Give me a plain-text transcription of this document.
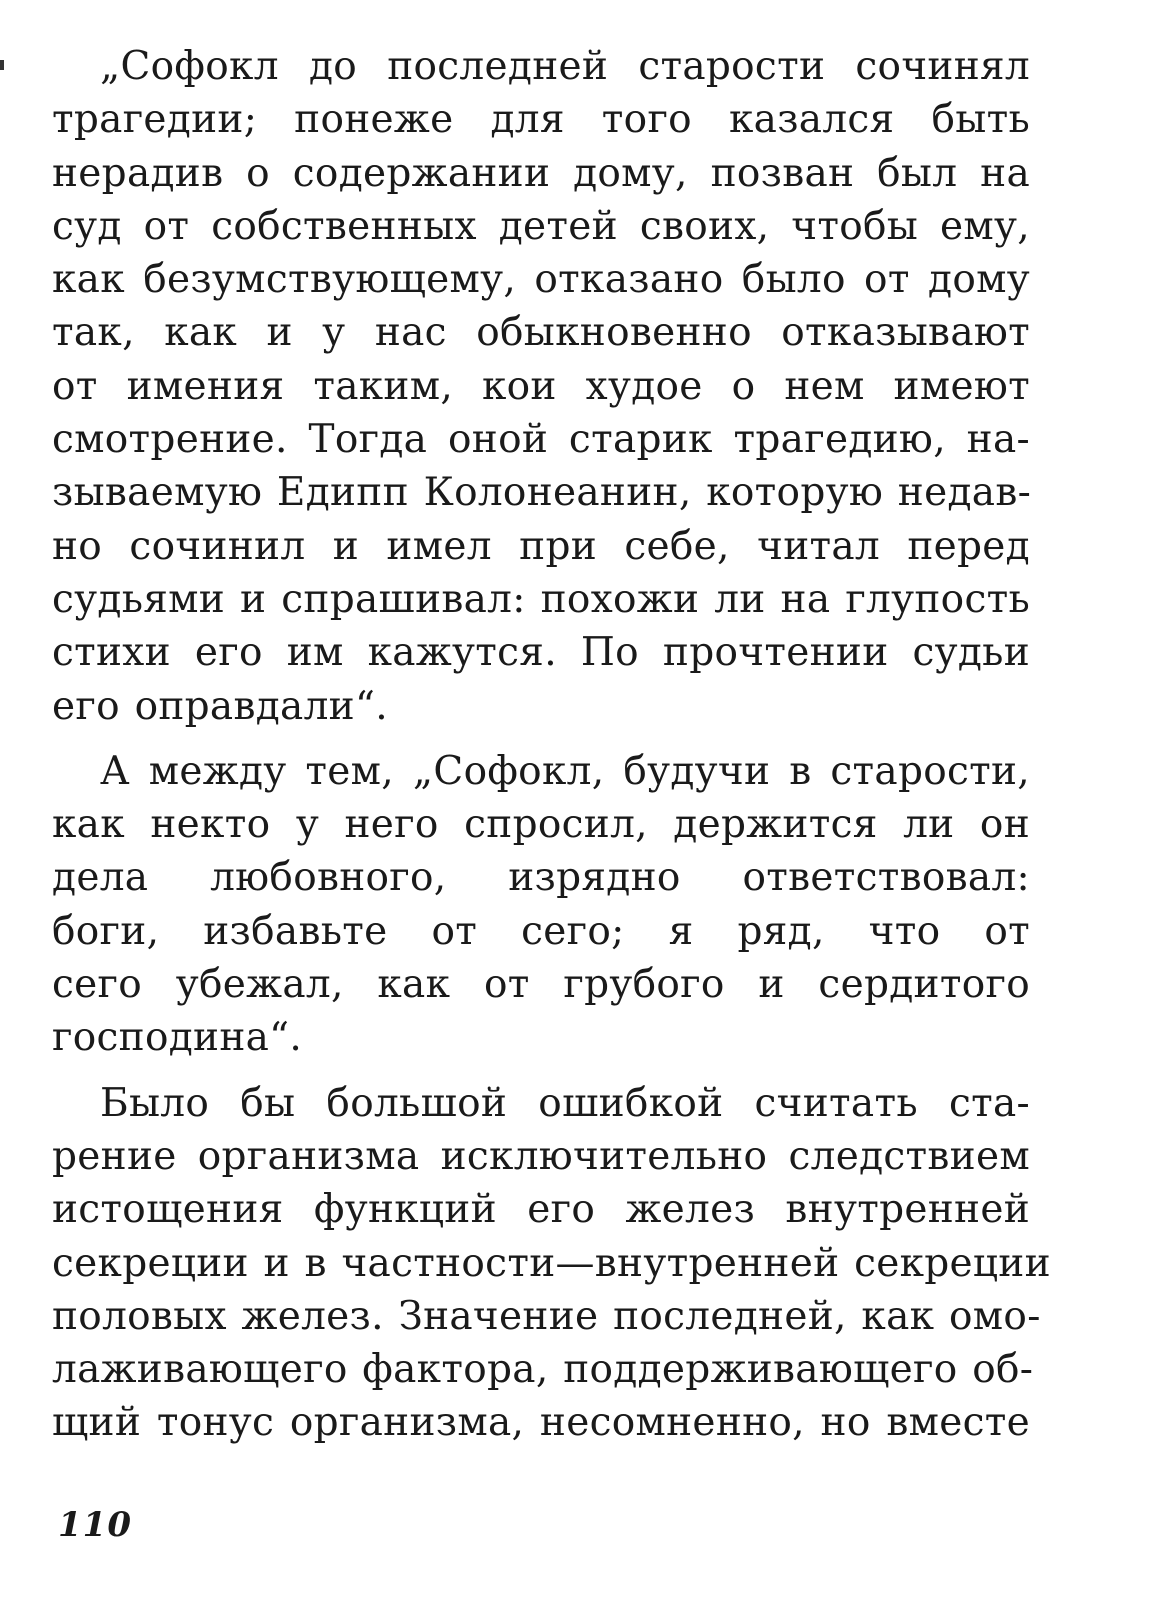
„Софокл до последней старости сочинял
трагедии; понеже для того казался быть
нерадив о содержании дому, позван был на
суд от собственных детей своих, чтобы ему,
как безумствующему, отказано было от дому
так, как и у нас обыкновенно отказывают
от имения таким, кои худое о нем имеют
смотрение. Тогда оной старик трагедию, на-
зываемую Едипп Колонеанин, которую недав-
но сочинил и имел при себе, читал перед
судьями и спрашивал: похожи ли на глупость
стихи его им кажутся. По прочтении судьи
его оправдали“.

А между тем, „Софокл, будучи в старости,
как некто у него спросил, держится ли он
дела любовного, изрядно ответствовал:
боги, избавьте от сего; я ряд, что от
сего убежал, как от грубого и сердитого
господина“.

Было бы большой ошибкой считать ста-
рение организма исключительно следствием
истощения функций его желез внутренней
секреции и в частности—внутренней секреции
половых желез. Значение последней, как омо-
лаживающего фактора, поддерживающего об-
щий тонус организма, несомненно, но вместе

110
